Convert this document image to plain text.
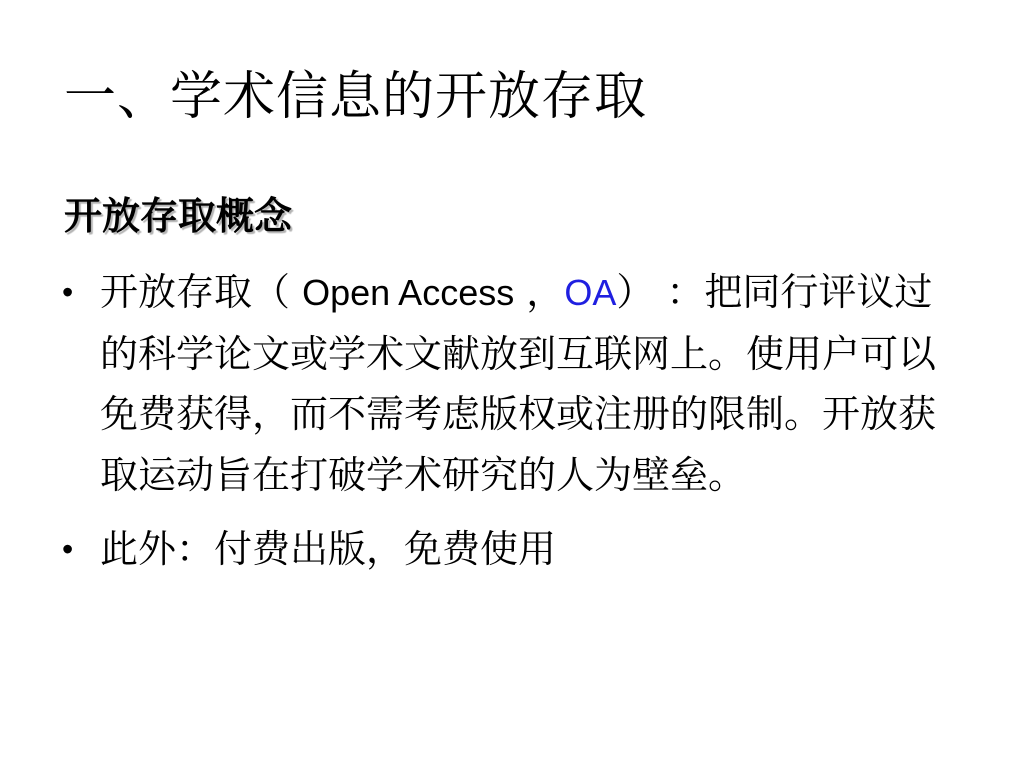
一、学术信息的开放存取
开放存取概念
• 开放存取（ Open Access ，OA） ：把同行评议过的科学论文或学术文献放到互联网上。使用户可以免费获得，而不需考虑版权或注册的限制。开放获取运动旨在打破学术研究的人为壁垒。
• 此外：付费出版，免费使用
